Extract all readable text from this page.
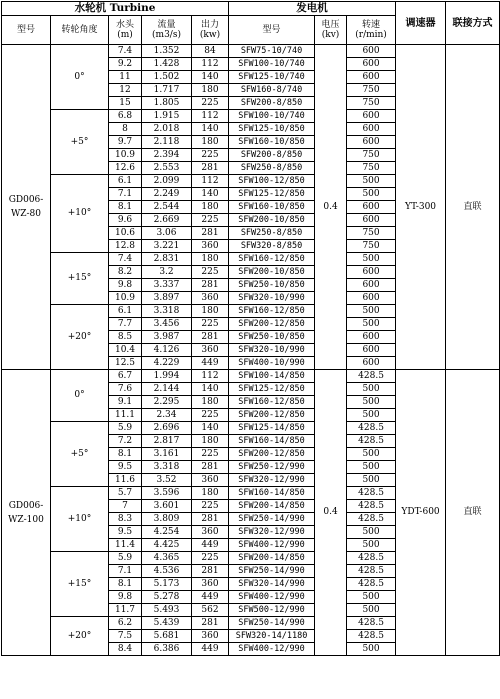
水轮机 Turbine					发电机			调速器	联接方式
型号	转轮角度	水头 (m)	流量 (m3/s)	出力 (kw)	型号	电压 (kv)	转速 (r/min)		
GD006-WZ-80	0°	7.4	1.352	84	SFW75-10/740	0.4	600	YT-300	直联
		9.2	1.428	112	SFW100-10/740		600		
		11	1.502	140	SFW125-10/740		600		
		12	1.717	180	SFW160-8/740		750		
		15	1.805	225	SFW200-8/850		750		
	+5°	6.8	1.915	112	SFW100-10/740		600		
		8	2.018	140	SFW125-10/850		600		
		9.7	2.118	180	SFW160-10/850		600		
		10.9	2.394	225	SFW200-8/850		750		
		12.6	2.553	281	SFW250-8/850		750		
	+10°	6.1	2.099	112	SFW100-12/850		500		
		7.1	2.249	140	SFW125-12/850		500		
		8.1	2.544	180	SFW160-10/850		600		
		9.6	2.669	225	SFW200-10/850		600		
		10.6	3.06	281	SFW250-8/850		750		
		12.8	3.221	360	SFW320-8/850		750		
	+15°	7.4	2.831	180	SFW160-12/850		500		
		8.2	3.2	225	SFW200-10/850		600		
		9.8	3.337	281	SFW250-10/850		600		
		10.9	3.897	360	SFW320-10/990		600		
	+20°	6.1	3.318	180	SFW160-12/850		500		
		7.7	3.456	225	SFW200-12/850		500		
		8.5	3.987	281	SFW250-10/850		600		
		10.4	4.126	360	SFW320-10/990		600		
		12.5	4.229	449	SFW400-10/990		600		
GD006-WZ-100	0°	6.7	1.994	112	SFW100-14/850	0.4	428.5	YDT-600	直联
		7.6	2.144	140	SFW125-12/850		500		
		9.1	2.295	180	SFW160-12/850		500		
		11.1	2.34	225	SFW200-12/850		500		
	+5°	5.9	2.696	140	SFW125-14/850		428.5		
		7.2	2.817	180	SFW160-14/850		428.5		
		8.1	3.161	225	SFW200-12/850		500		
		9.5	3.318	281	SFW250-12/990		500		
		11.6	3.52	360	SFW320-12/990		500		
	+10°	5.7	3.596	180	SFW160-14/850		428.5		
		7	3.601	225	SFW200-14/850		428.5		
		8.3	3.809	281	SFW250-14/990		428.5		
		9.5	4.254	360	SFW320-12/990		500		
		11.4	4.425	449	SFW400-12/990		500		
	+15°	5.9	4.365	225	SFW200-14/850		428.5		
		7.1	4.536	281	SFW250-14/990		428.5		
		8.1	5.173	360	SFW320-14/990		428.5		
		9.8	5.278	449	SFW400-12/990		500		
		11.7	5.493	562	SFW500-12/990		500		
	+20°	6.2	5.439	281	SFW250-14/990		428.5		
		7.5	5.681	360	SFW320-14/1180		428.5		
		8.4	6.386	449	SFW400-12/990		500		
